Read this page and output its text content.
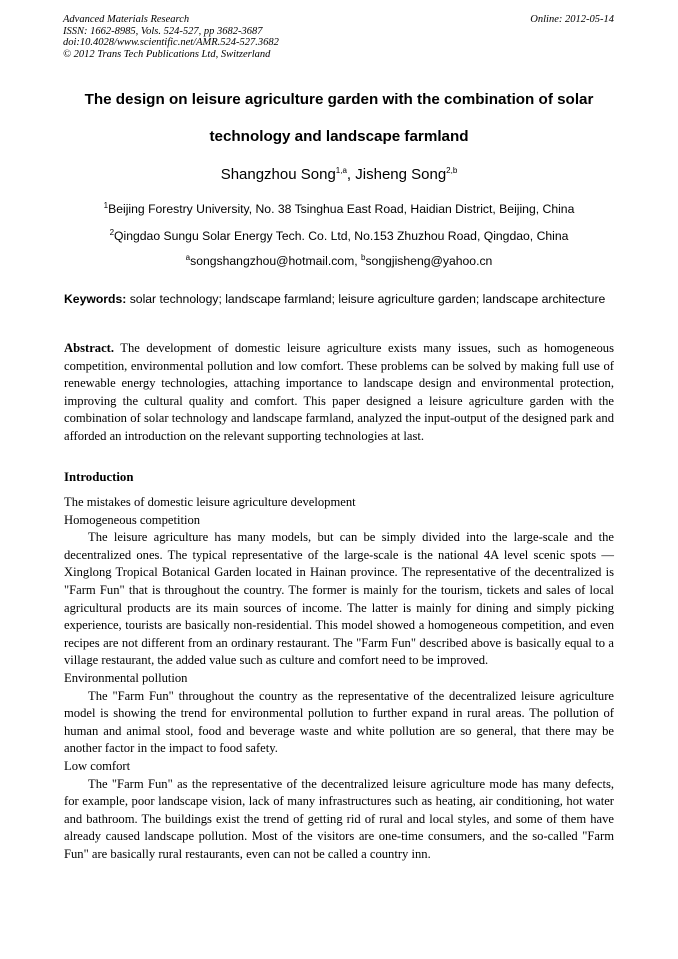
Advanced Materials Research
ISSN: 1662-8985, Vols. 524-527, pp 3682-3687
doi:10.4028/www.scientific.net/AMR.524-527.3682
© 2012 Trans Tech Publications Ltd, Switzerland
Online: 2012-05-14
The design on leisure agriculture garden with the combination of solar
technology and landscape farmland
Shangzhou Song$^{1,a}$, Jisheng Song$^{2,b}$
$^1$Beijing Forestry University, No. 38 Tsinghua East Road, Haidian District, Beijing, China
$^2$Qingdao Sungu Solar Energy Tech. Co. Ltd, No.153 Zhuzhou Road, Qingdao, China
$^a$songshangzhou@hotmail.com, $^b$songjisheng@yahoo.cn
Keywords: solar technology; landscape farmland; leisure agriculture garden; landscape architecture

Abstract. The development of domestic leisure agriculture exists many issues, such as homogeneous competition, environmental pollution and low comfort. These problems can be solved by making full use of renewable energy technologies, attaching importance to landscape design and environmental protection, improving the cultural quality and comfort. This paper designed a leisure agriculture garden with the combination of solar technology and landscape farmland, analyzed the input-output of the designed park and afforded an introduction on the relevant supporting technologies at last.

Introduction

The mistakes of domestic leisure agriculture development

Homogeneous competition

The leisure agriculture has many models, but can be simply divided into the large-scale and the decentralized ones. The typical representative of the large-scale is the national 4A level scenic spots —Xinglong Tropical Botanical Garden located in Hainan province. The representative of the decentralized is "Farm Fun" that is throughout the country. The former is mainly for the tourism, tickets and sales of local agricultural products are its main sources of income. The latter is mainly for dining and simply picking experience, tourists are basically non-residential. This model showed a homogeneous competition, and even recipes are not different from an ordinary restaurant. The "Farm Fun" described above is basically equal to a village restaurant, the added value such as culture and comfort need to be improved.

Environmental pollution

The "Farm Fun" throughout the country as the representative of the decentralized leisure agriculture model is showing the trend for environmental pollution to further expand in rural areas. The pollution of human and animal stool, food and beverage waste and white pollution are so general, that there may be another factor in the impact to food safety.

Low comfort

The "Farm Fun" as the representative of the decentralized leisure agriculture mode has many defects, for example, poor landscape vision, lack of many infrastructures such as heating, air conditioning, hot water and bathroom. The buildings exist the trend of getting rid of rural and local styles, and some of them have already caused landscape pollution. Most of the visitors are one-time consumers, and the so-called "Farm Fun" are basically rural restaurants, even can not be called a country inn.
